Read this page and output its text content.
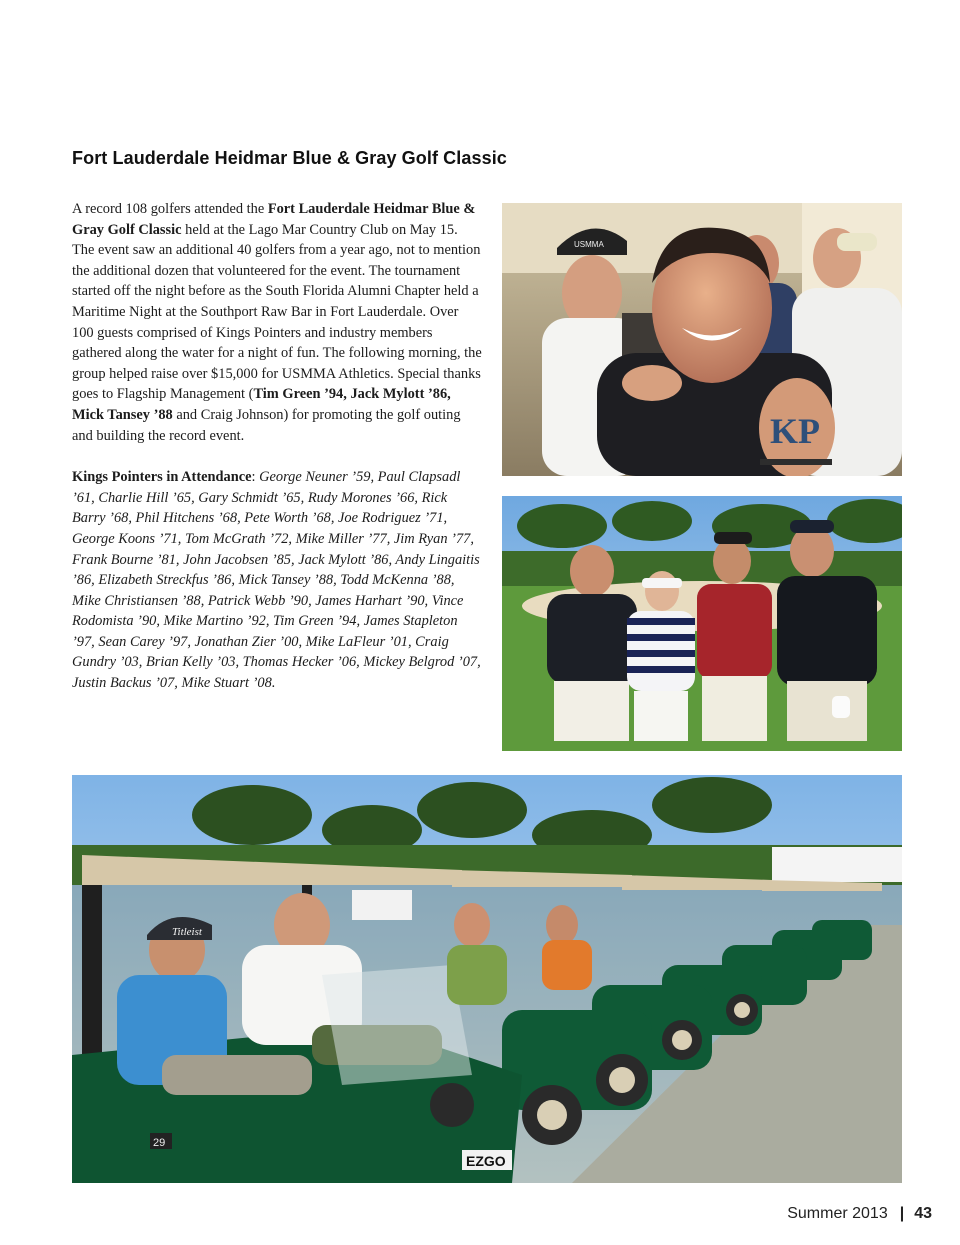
Fort Lauderdale Heidmar Blue & Gray Golf Classic

A record 108 golfers attended the Fort Lauderdale Heidmar Blue & Gray Golf Classic held at the Lago Mar Country Club on May 15. The event saw an additional 40 golfers from a year ago, not to mention the additional dozen that volunteered for the event. The tournament started off the night before as the South Florida Alumni Chapter held a Maritime Night at the Southport Raw Bar in Fort Lauderdale. Over 100 guests comprised of Kings Pointers and industry members gathered along the water for a night of fun. The following morning, the group helped raise over $15,000 for USMMA Athletics. Special thanks goes to Flagship Management (Tim Green ’94, Jack Mylott ’86, Mick Tansey ’88 and Craig Johnson) for promoting the golf outing and building the record event.

Kings Pointers in Attendance: George Neuner ’59, Paul Clapsadl ’61, Charlie Hill ’65, Gary Schmidt ’65, Rudy Morones ’66, Rick Barry ’68, Phil Hitchens ’68, Pete Worth ’68, Joe Rodriguez ’71, George Koons ’71, Tom McGrath ’72, Mike Miller ’77, Jim Ryan ’77, Frank Bourne ’81, John Jacobsen ’85, Jack Mylott ’86, Andy Lingaitis ’86, Elizabeth Streckfus ’86, Mick Tansey ’88, Todd McKenna ’88, Mike Christiansen ’88, Patrick Webb ’90, James Harhart ’90, Vince Rodomista ’90, Mike Martino ’92, Tim Green ’94, James Stapleton ’97, Sean Carey ’97, Jonathan Zier ’00, Mike LaFleur ’01, Craig Gundry ’03, Brian Kelly ’03, Thomas Hecker ’06, Mickey Belgrod ’07, Justin Backus ’07, Mike Stuart ’08.

USMMA
KP
EZGO
29
Titleist
Summer 2013 | 43
